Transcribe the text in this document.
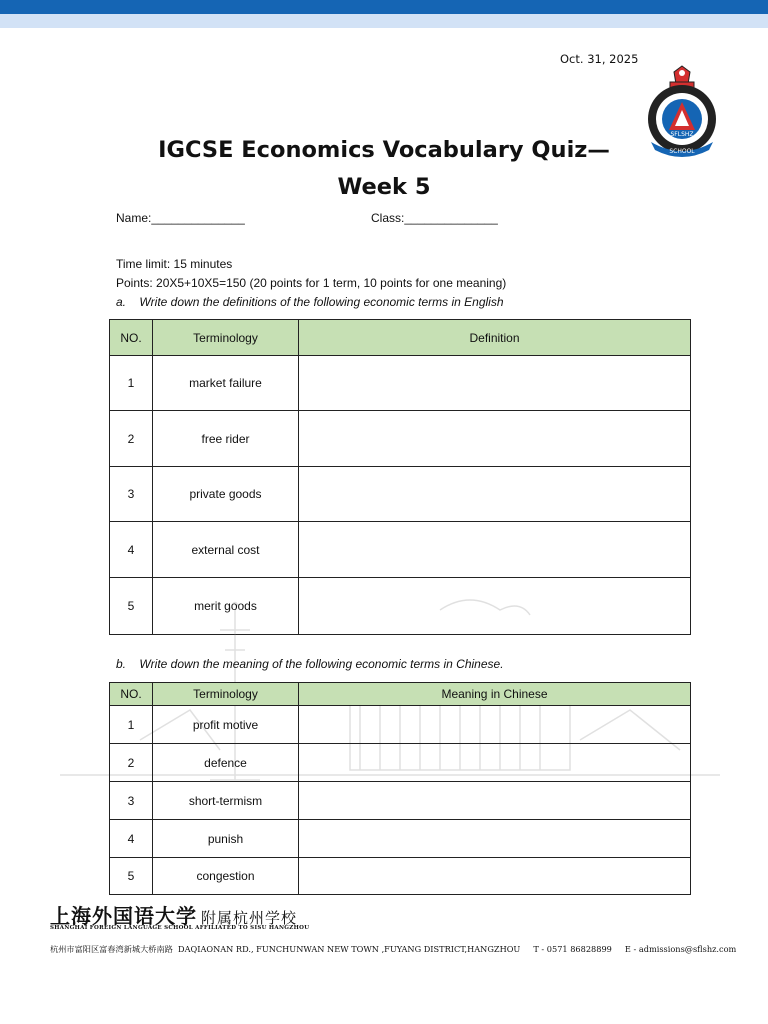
Oct. 31, 2025
SFLSHZ
SCHOOL
IGCSE Economics Vocabulary Quiz—
Week 5
Name:______________	Class:______________
Time limit: 15 minutes
Points: 20X5+10X5=150 (20 points for 1 term, 10 points for one meaning)
a.    Write down the definitions of the following economic terms in English
NO.	Terminology	Definition
1	market failure	
2	free rider	
3	private goods	
4	external cost	
5	merit goods	
b.    Write down the meaning of the following economic terms in Chinese.
NO.	Terminology	Meaning in Chinese
1	profit motive	
2	defence	
3	short-termism	
4	punish	
5	congestion	
上海外国语大学 附属杭州学校
SHANGHAI FOREIGN LANGUAGE SCHOOL AFFILIATED TO SISU HANGZHOU
杭州市富阳区富春湾新城大桥南路  DAQIAONAN RD., FUNCHUNWAN NEW TOWN ,FUYANG DISTRICT,HANGZHOU     T - 0571 86828899     E - admissions@sflshz.com
